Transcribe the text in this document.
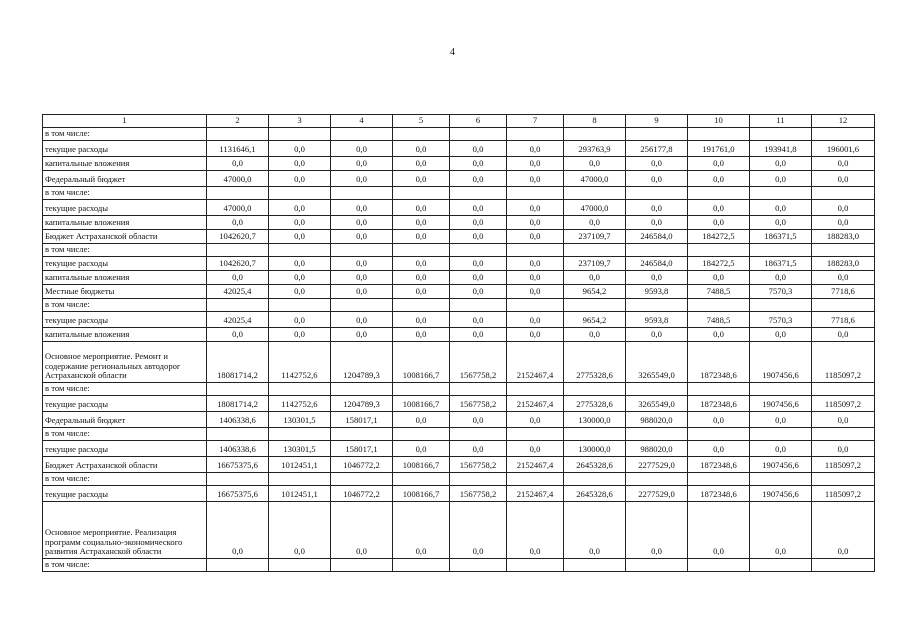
4
1	2	3	4	5	6	7	8	9	10	11	12
в том числе:											
текущие расходы	1131646,1	0,0	0,0	0,0	0,0	0,0	293763,9	256177,8	191761,0	193941,8	196001,6
капитальные вложения	0,0	0,0	0,0	0,0	0,0	0,0	0,0	0,0	0,0	0,0	0,0
Федеральный бюджет	47000,0	0,0	0,0	0,0	0,0	0,0	47000,0	0,0	0,0	0,0	0,0
в том числе:											
текущие расходы	47000,0	0,0	0,0	0,0	0,0	0,0	47000,0	0,0	0,0	0,0	0,0
капитальные вложения	0,0	0,0	0,0	0,0	0,0	0,0	0,0	0,0	0,0	0,0	0,0
Бюджет Астраханской области	1042620,7	0,0	0,0	0,0	0,0	0,0	237109,7	246584,0	184272,5	186371,5	188283,0
в том числе:											
текущие расходы	1042620,7	0,0	0,0	0,0	0,0	0,0	237109,7	246584,0	184272,5	186371,5	188283,0
капитальные вложения	0,0	0,0	0,0	0,0	0,0	0,0	0,0	0,0	0,0	0,0	0,0
Местные бюджеты	42025,4	0,0	0,0	0,0	0,0	0,0	9654,2	9593,8	7488,5	7570,3	7718,6
в том числе:											
текущие расходы	42025,4	0,0	0,0	0,0	0,0	0,0	9654,2	9593,8	7488,5	7570,3	7718,6
капитальные вложения	0,0	0,0	0,0	0,0	0,0	0,0	0,0	0,0	0,0	0,0	0,0
Основное мероприятие. Ремонт и содержание региональных автодорог Астраханской области	18081714,2	1142752,6	1204789,3	1008166,7	1567758,2	2152467,4	2775328,6	3265549,0	1872348,6	1907456,6	1185097,2
в том числе:											
текущие расходы	18081714,2	1142752,6	1204789,3	1008166,7	1567758,2	2152467,4	2775328,6	3265549,0	1872348,6	1907456,6	1185097,2
Федеральный бюджет	1406338,6	130301,5	158017,1	0,0	0,0	0,0	130000,0	988020,0	0,0	0,0	0,0
в том числе:											
текущие расходы	1406338,6	130301,5	158017,1	0,0	0,0	0,0	130000,0	988020,0	0,0	0,0	0,0
Бюджет Астраханской области	16675375,6	1012451,1	1046772,2	1008166,7	1567758,2	2152467,4	2645328,6	2277529,0	1872348,6	1907456,6	1185097,2
в том числе:											
текущие расходы	16675375,6	1012451,1	1046772,2	1008166,7	1567758,2	2152467,4	2645328,6	2277529,0	1872348,6	1907456,6	1185097,2
Основное мероприятие. Реализация программ социально-экономического развития Астраханской области	0,0	0,0	0,0	0,0	0,0	0,0	0,0	0,0	0,0	0,0	0,0
в том числе:											
